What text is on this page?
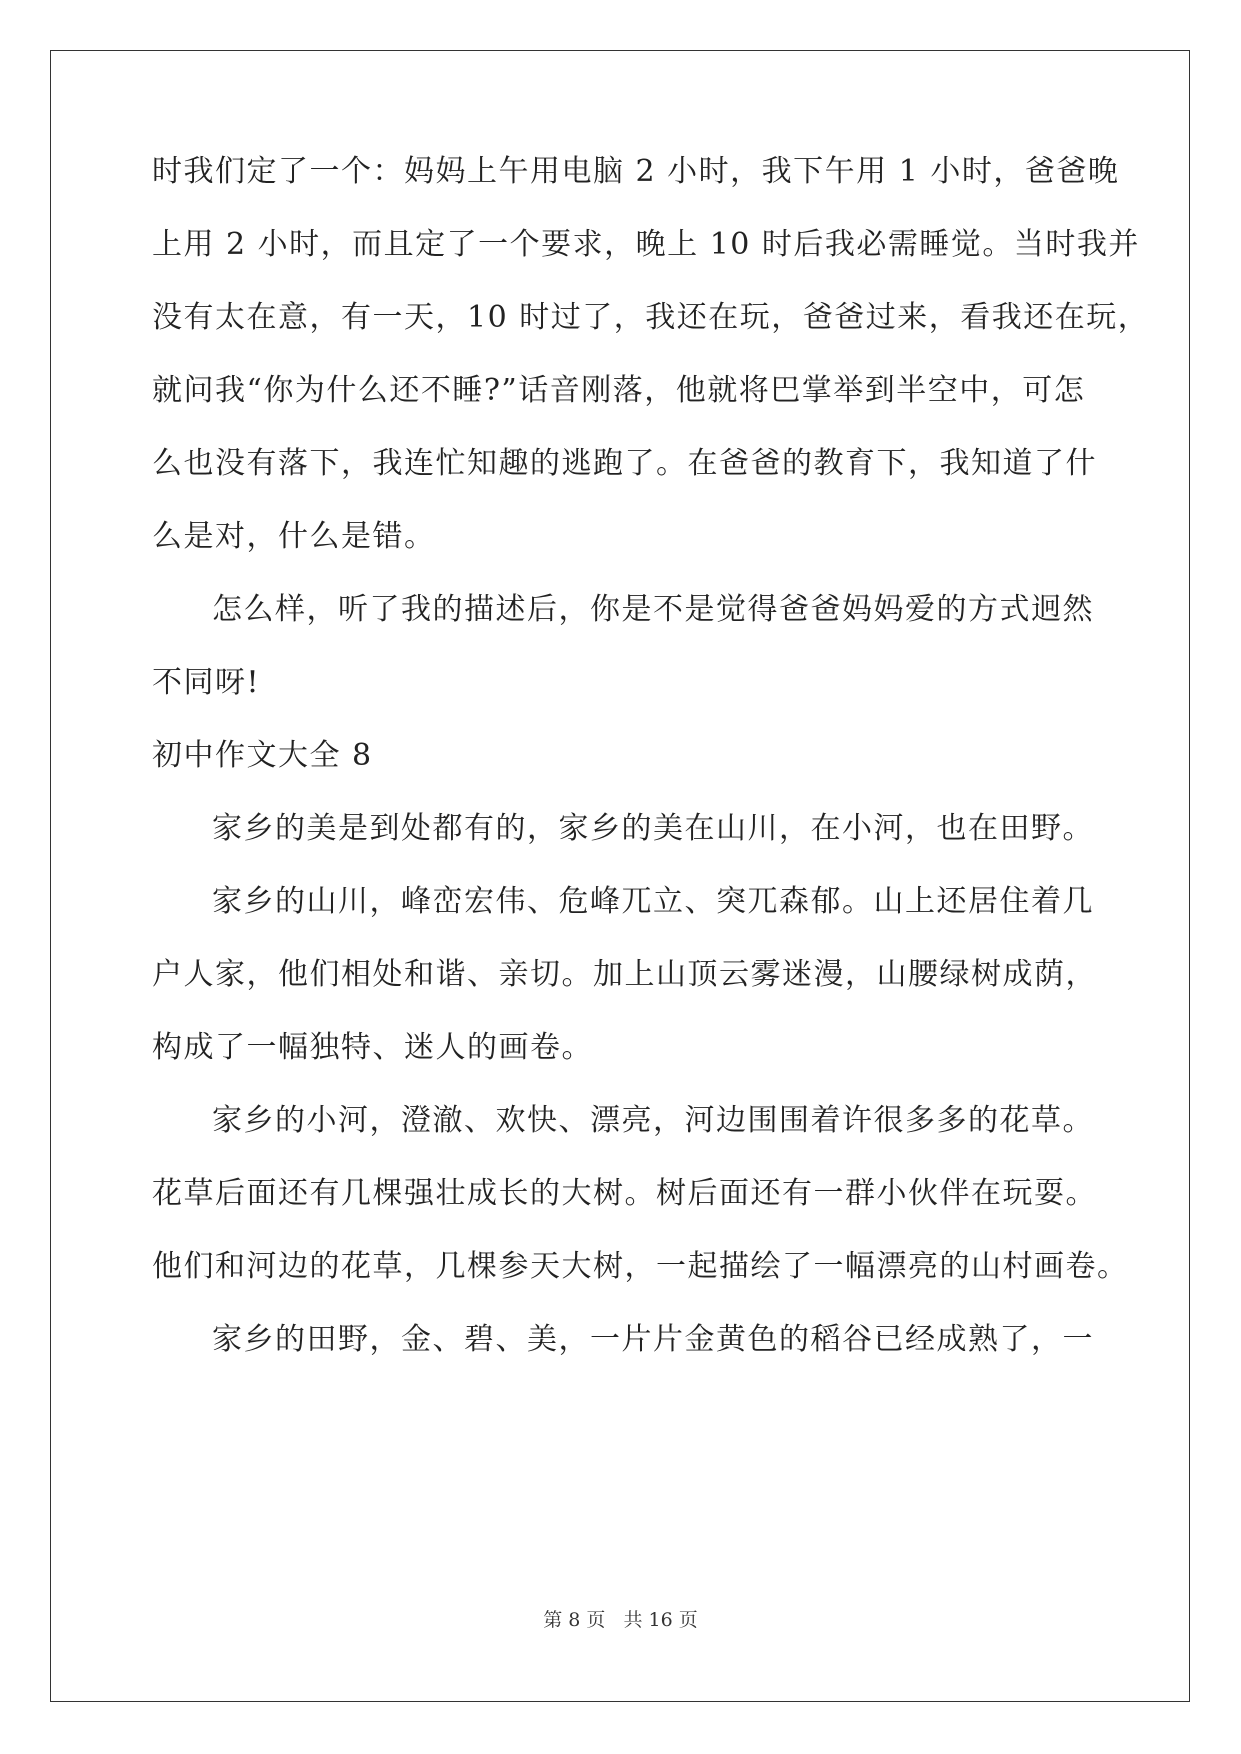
时我们定了一个：妈妈上午用电脑 2 小时，我下午用 1 小时，爸爸晚
上用 2 小时，而且定了一个要求，晚上 10 时后我必需睡觉。当时我并
没有太在意，有一天，10 时过了，我还在玩，爸爸过来，看我还在玩，
就问我“你为什么还不睡?”话音刚落，他就将巴掌举到半空中，可怎
么也没有落下，我连忙知趣的逃跑了。在爸爸的教育下，我知道了什
么是对，什么是错。
怎么样，听了我的描述后，你是不是觉得爸爸妈妈爱的方式迥然
不同呀!
初中作文大全 8
家乡的美是到处都有的，家乡的美在山川，在小河，也在田野。
家乡的山川，峰峦宏伟、危峰兀立、突兀森郁。山上还居住着几
户人家，他们相处和谐、亲切。加上山顶云雾迷漫，山腰绿树成荫，
构成了一幅独特、迷人的画卷。
家乡的小河，澄澈、欢快、漂亮，河边围围着许很多多的花草。
花草后面还有几棵强壮成长的大树。树后面还有一群小伙伴在玩耍。
他们和河边的花草，几棵参天大树，一起描绘了一幅漂亮的山村画卷。
家乡的田野，金、碧、美，一片片金黄色的稻谷已经成熟了，一
第 8 页   共 16 页
